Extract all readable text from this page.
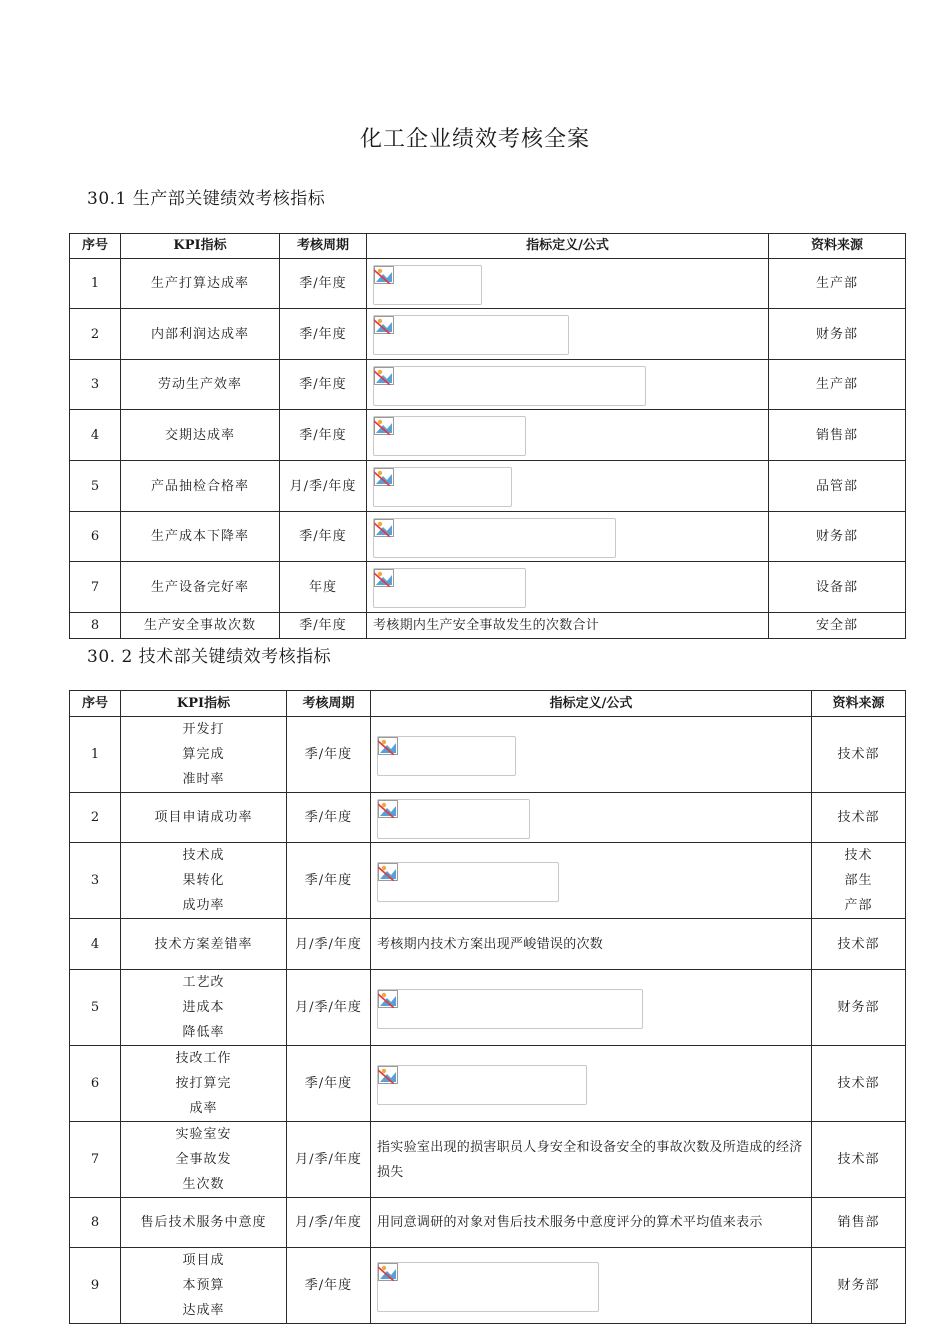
化工企业绩效考核全案
30.1 生产部关键绩效考核指标
序号	KPI指标	考核周期	指标定义/公式	资料来源
1	生产打算达成率	季/年度		生产部
2	内部利润达成率	季/年度		财务部
3	劳动生产效率	季/年度		生产部
4	交期达成率	季/年度		销售部
5	产品抽检合格率	月/季/年度		品管部
6	生产成本下降率	季/年度		财务部
7	生产设备完好率	年度		设备部
8	生产安全事故次数	季/年度	考核期内生产安全事故发生的次数合计	安全部
30. 2 技术部关键绩效考核指标
序号	KPI指标	考核周期	指标定义/公式	资料来源
1	开发打算完成准时率	季/年度		技术部
2	项目申请成功率	季/年度		技术部
3	技术成果转化成功率	季/年度		技术部生产部

4	技术方案差错率	月/季/年度	考核期内技术方案出现严峻错误的次数	技术部
5	工艺改进成本降低率	月/季/年度		财务部
6	技改工作按打算完成率	季/年度		技术部
7	实验室安全事故发生次数	月/季/年度	指实验室出现的损害职员人身安全和设备安全的事故次数及所造成的经济损失	技术部
8	售后技术服务中意度	月/季/年度	用同意调研的对象对售后技术服务中意度评分的算术平均值来表示	销售部
9	项目成本预算达成率	季/年度		财务部
